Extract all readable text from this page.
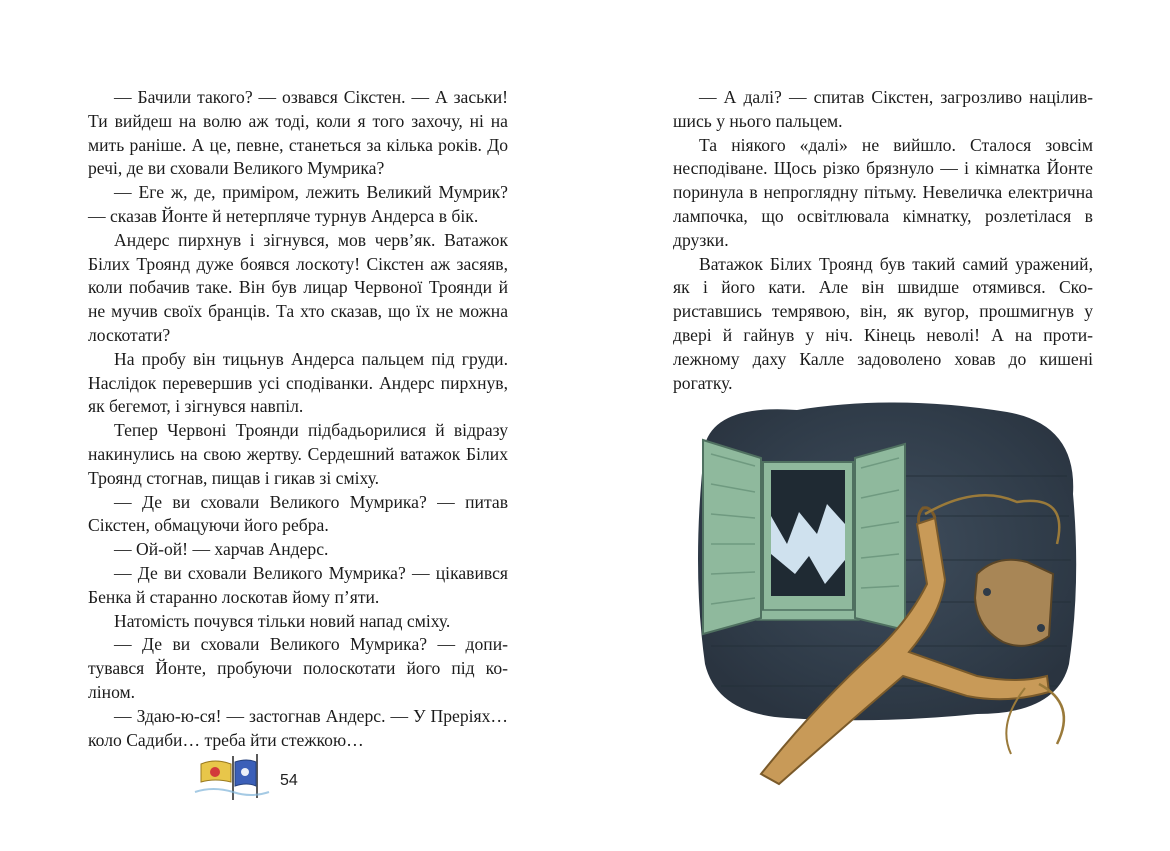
— Бачили такого? — озвався Сікстен. — А заськи! Ти вийдеш на волю аж тоді, коли я того захочу, ні на мить раніше. А це, певне, станеться за кілька років. До речі, де ви сховали Великого Мумрика?

— Еге ж, де, приміром, лежить Великий Мумрик? — сказав Йонте й нетерпляче турнув Андерса в бік.

Андерс пирхнув і зігнувся, мов черв’як. Ватажок Білих Троянд дуже боявся лоскоту! Сікстен аж засяяв, коли побачив таке. Він був лицар Червоної Троянди й не мучив своїх бранців. Та хто сказав, що їх не можна лоскотати?

На пробу він тицьнув Андерса пальцем під груди. Наслідок перевершив усі сподіванки. Андерс пирхнув, як бегемот, і зігнувся навпіл.

Тепер Червоні Троянди підбадьорилися й відразу накинулись на свою жертву. Сердешний ватажок Білих Троянд стогнав, пищав і гикав зі сміху.

— Де ви сховали Великого Мумрика? — питав Сікстен, обмацуючи його ребра.

— Ой-ой! — харчав Андерс.

— Де ви сховали Великого Мумрика? — цікавився Бенка й старанно лоскотав йому п’яти.

Натомість почувся тільки новий напад сміху.

— Де ви сховали Великого Мумрика? — допитувався Йонте, пробуючи полоскотати його під коліном.

— Здаю-ю-ся! — застогнав Андерс. — У Преріях… коло Садиби… треба йти стежкою…

54

— А далі? — спитав Сікстен, загрозливо націлившись у нього пальцем.

Та ніякого «далі» не вийшло. Сталося зовсім несподіване. Щось різко брязнуло — і кімнатка Йонте поринула в непроглядну пітьму. Невеличка електрична лампочка, що освітлювала кімнатку, розлетілася в друзки.

Ватажок Білих Троянд був такий самий уражений, як і його кати. Але він швидше отямився. Скориставшись темрявою, він, як вугор, прошмигнув у двері й гайнув у ніч. Кінець неволі! А на протилежному даху Калле задоволено ховав до кишені рогатку.
